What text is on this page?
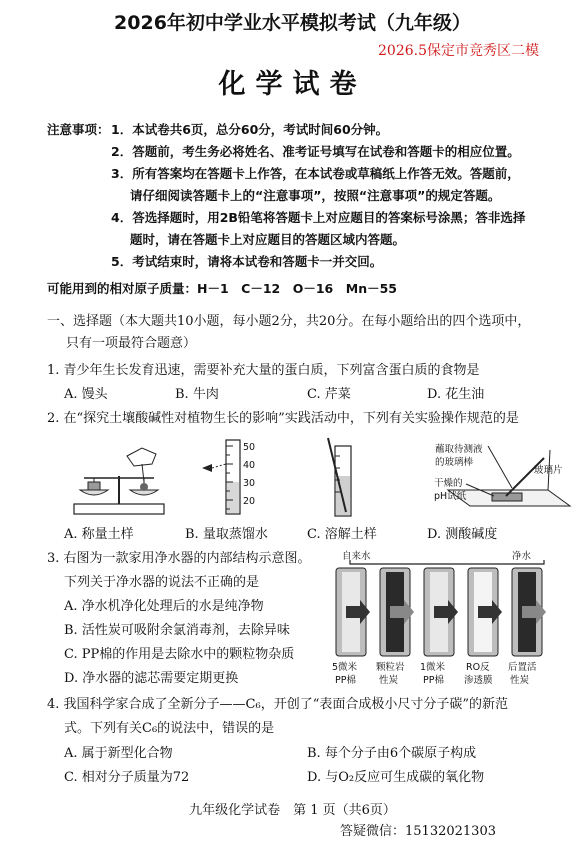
2026年初中学业水平模拟考试（九年级）
2026.5保定市竞秀区二模
化学试卷
注意事项： 1．本试卷共6页，总分60分，考试时间60分钟。
2．答题前，考生务必将姓名、准考证号填写在试卷和答题卡的相应位置。
3．所有答案均在答题卡上作答，在本试卷或草稿纸上作答无效。答题前，
请仔细阅读答题卡上的“注意事项”，按照“注意事项”的规定答题。
4．答选择题时，用2B铅笔将答题卡上对应题目的答案标号涂黑；答非选择
题时，请在答题卡上对应题目的答题区域内答题。
5．考试结束时，请将本试卷和答题卡一并交回。
可能用到的相对原子质量：H－1　C－12　O－16　Mn－55
一、选择题（本大题共10小题，每小题2分，共20分。在每小题给出的四个选项中，
只有一项最符合题意）
1. 青少年生长发育迅速，需要补充大量的蛋白质，下列富含蛋白质的食物是
A. 馒头	B. 牛肉	C. 芹菜	D. 花生油
2. 在“探究土壤酸碱性对植物生长的影响”实践活动中，下列有关实验操作规范的是
50
40
30
20
蘸取待测液
的玻璃棒
玻璃片
干燥的
pH试纸
A. 称量土样	B. 量取蒸馏水	C. 溶解土样	D. 测酸碱度
3. 右图为一款家用净水器的内部结构示意图。
下列关于净水器的说法不正确的是
A. 净水机净化处理后的水是纯净物
B. 活性炭可吸附余氯消毒剂，去除异味
C. PP棉的作用是去除水中的颗粒物杂质
D. 净水器的滤芯需要定期更换
自来水	净水
5微米
PP棉
颗粒岩
性炭
1微米
PP棉
RO反
渗透膜
后置活
性炭
4. 我国科学家合成了全新分子——C₆，开创了“表面合成极小尺寸分子碳”的新范
式。下列有关C₆的说法中，错误的是
A. 属于新型化合物	B. 每个分子由6个碳原子构成
C. 相对分子质量为72	D. 与O₂反应可生成碳的氧化物
九年级化学试卷　第 1 页（共6页）
答疑微信：15132021303
